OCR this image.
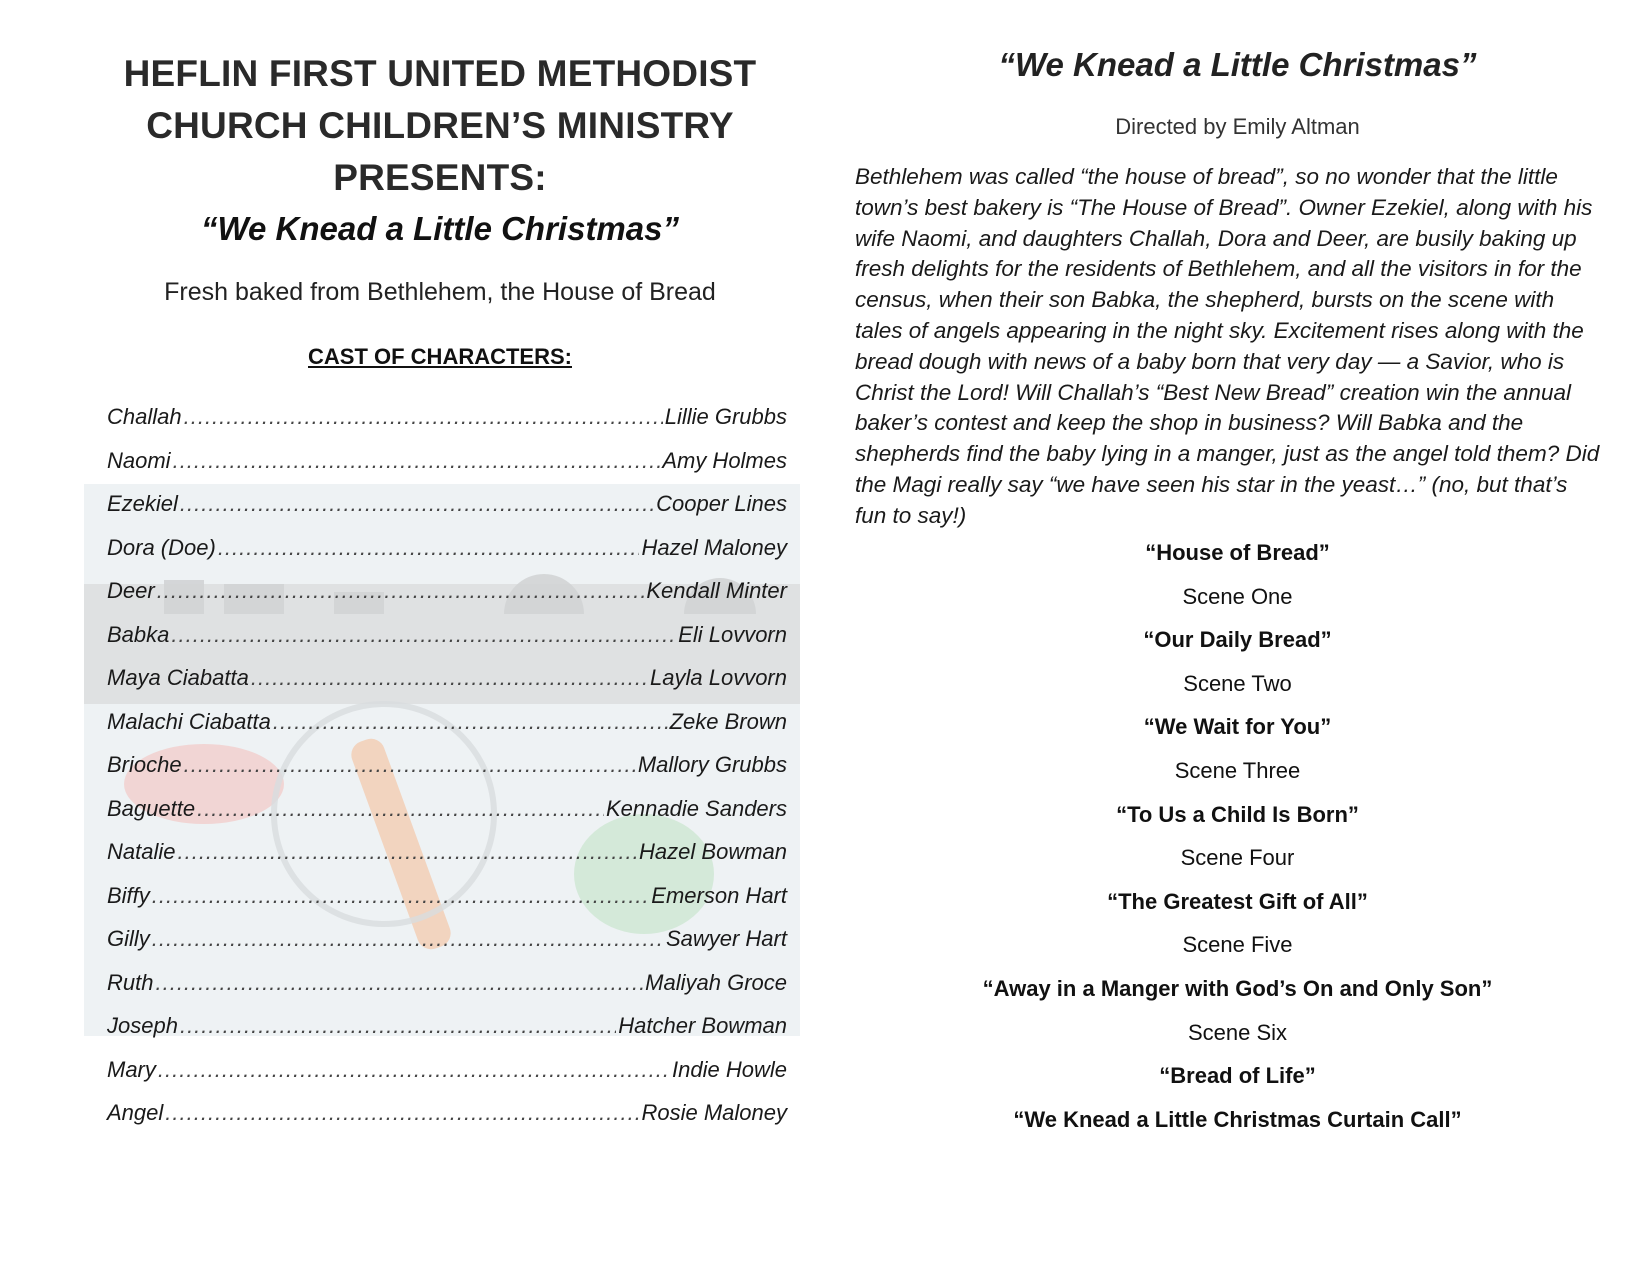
HEFLIN FIRST UNITED METHODIST
CHURCH CHILDREN’S MINISTRY
PRESENTS:
“We Knead a Little Christmas”
Fresh baked from Bethlehem, the House of Bread
CAST OF CHARACTERS:
Challah .....	Lillie Grubbs
Naomi .....	Amy Holmes
Ezekiel .....	Cooper Lines
Dora (Doe) .....	Hazel Maloney
Deer .....	Kendall Minter
Babka .....	Eli Lovvorn
Maya Ciabatta .....	Layla Lovvorn
Malachi Ciabatta .....	Zeke Brown
Brioche .....	Mallory Grubbs
Baguette .....	Kennadie Sanders
Natalie .....	Hazel Bowman
Biffy .....	Emerson Hart
Gilly .....	Sawyer Hart
Ruth .....	Maliyah Groce
Joseph .....	Hatcher Bowman
Mary .....	Indie Howle
Angel .....	Rosie Maloney
“We Knead a Little Christmas”
Directed by Emily Altman

Bethlehem was called “the house of bread”, so no wonder that the little town’s best bakery is “The House of Bread”. Owner Ezekiel, along with his wife Naomi, and daughters Challah, Dora and Deer, are busily baking up fresh delights for the residents of Bethlehem, and all the visitors in for the census, when their son Babka, the shepherd, bursts on the scene with tales of angels appearing in the night sky. Excitement rises along with the bread dough with news of a baby born that very day — a Savior, who is Christ the Lord! Will Challah’s “Best New Bread” creation win the annual baker’s contest and keep the shop in business? Will Babka and the shepherds find the baby lying in a manger, just as the angel told them? Did the Magi really say “we have seen his star in the yeast…” (no, but that’s fun to say!)

“House of Bread”
Scene One
“Our Daily Bread”
Scene Two
“We Wait for You”
Scene Three
“To Us a Child Is Born”
Scene Four
“The Greatest Gift of All”
Scene Five
“Away in a Manger with God’s On and Only Son”
Scene Six
“Bread of Life”
“We Knead a Little Christmas Curtain Call”
